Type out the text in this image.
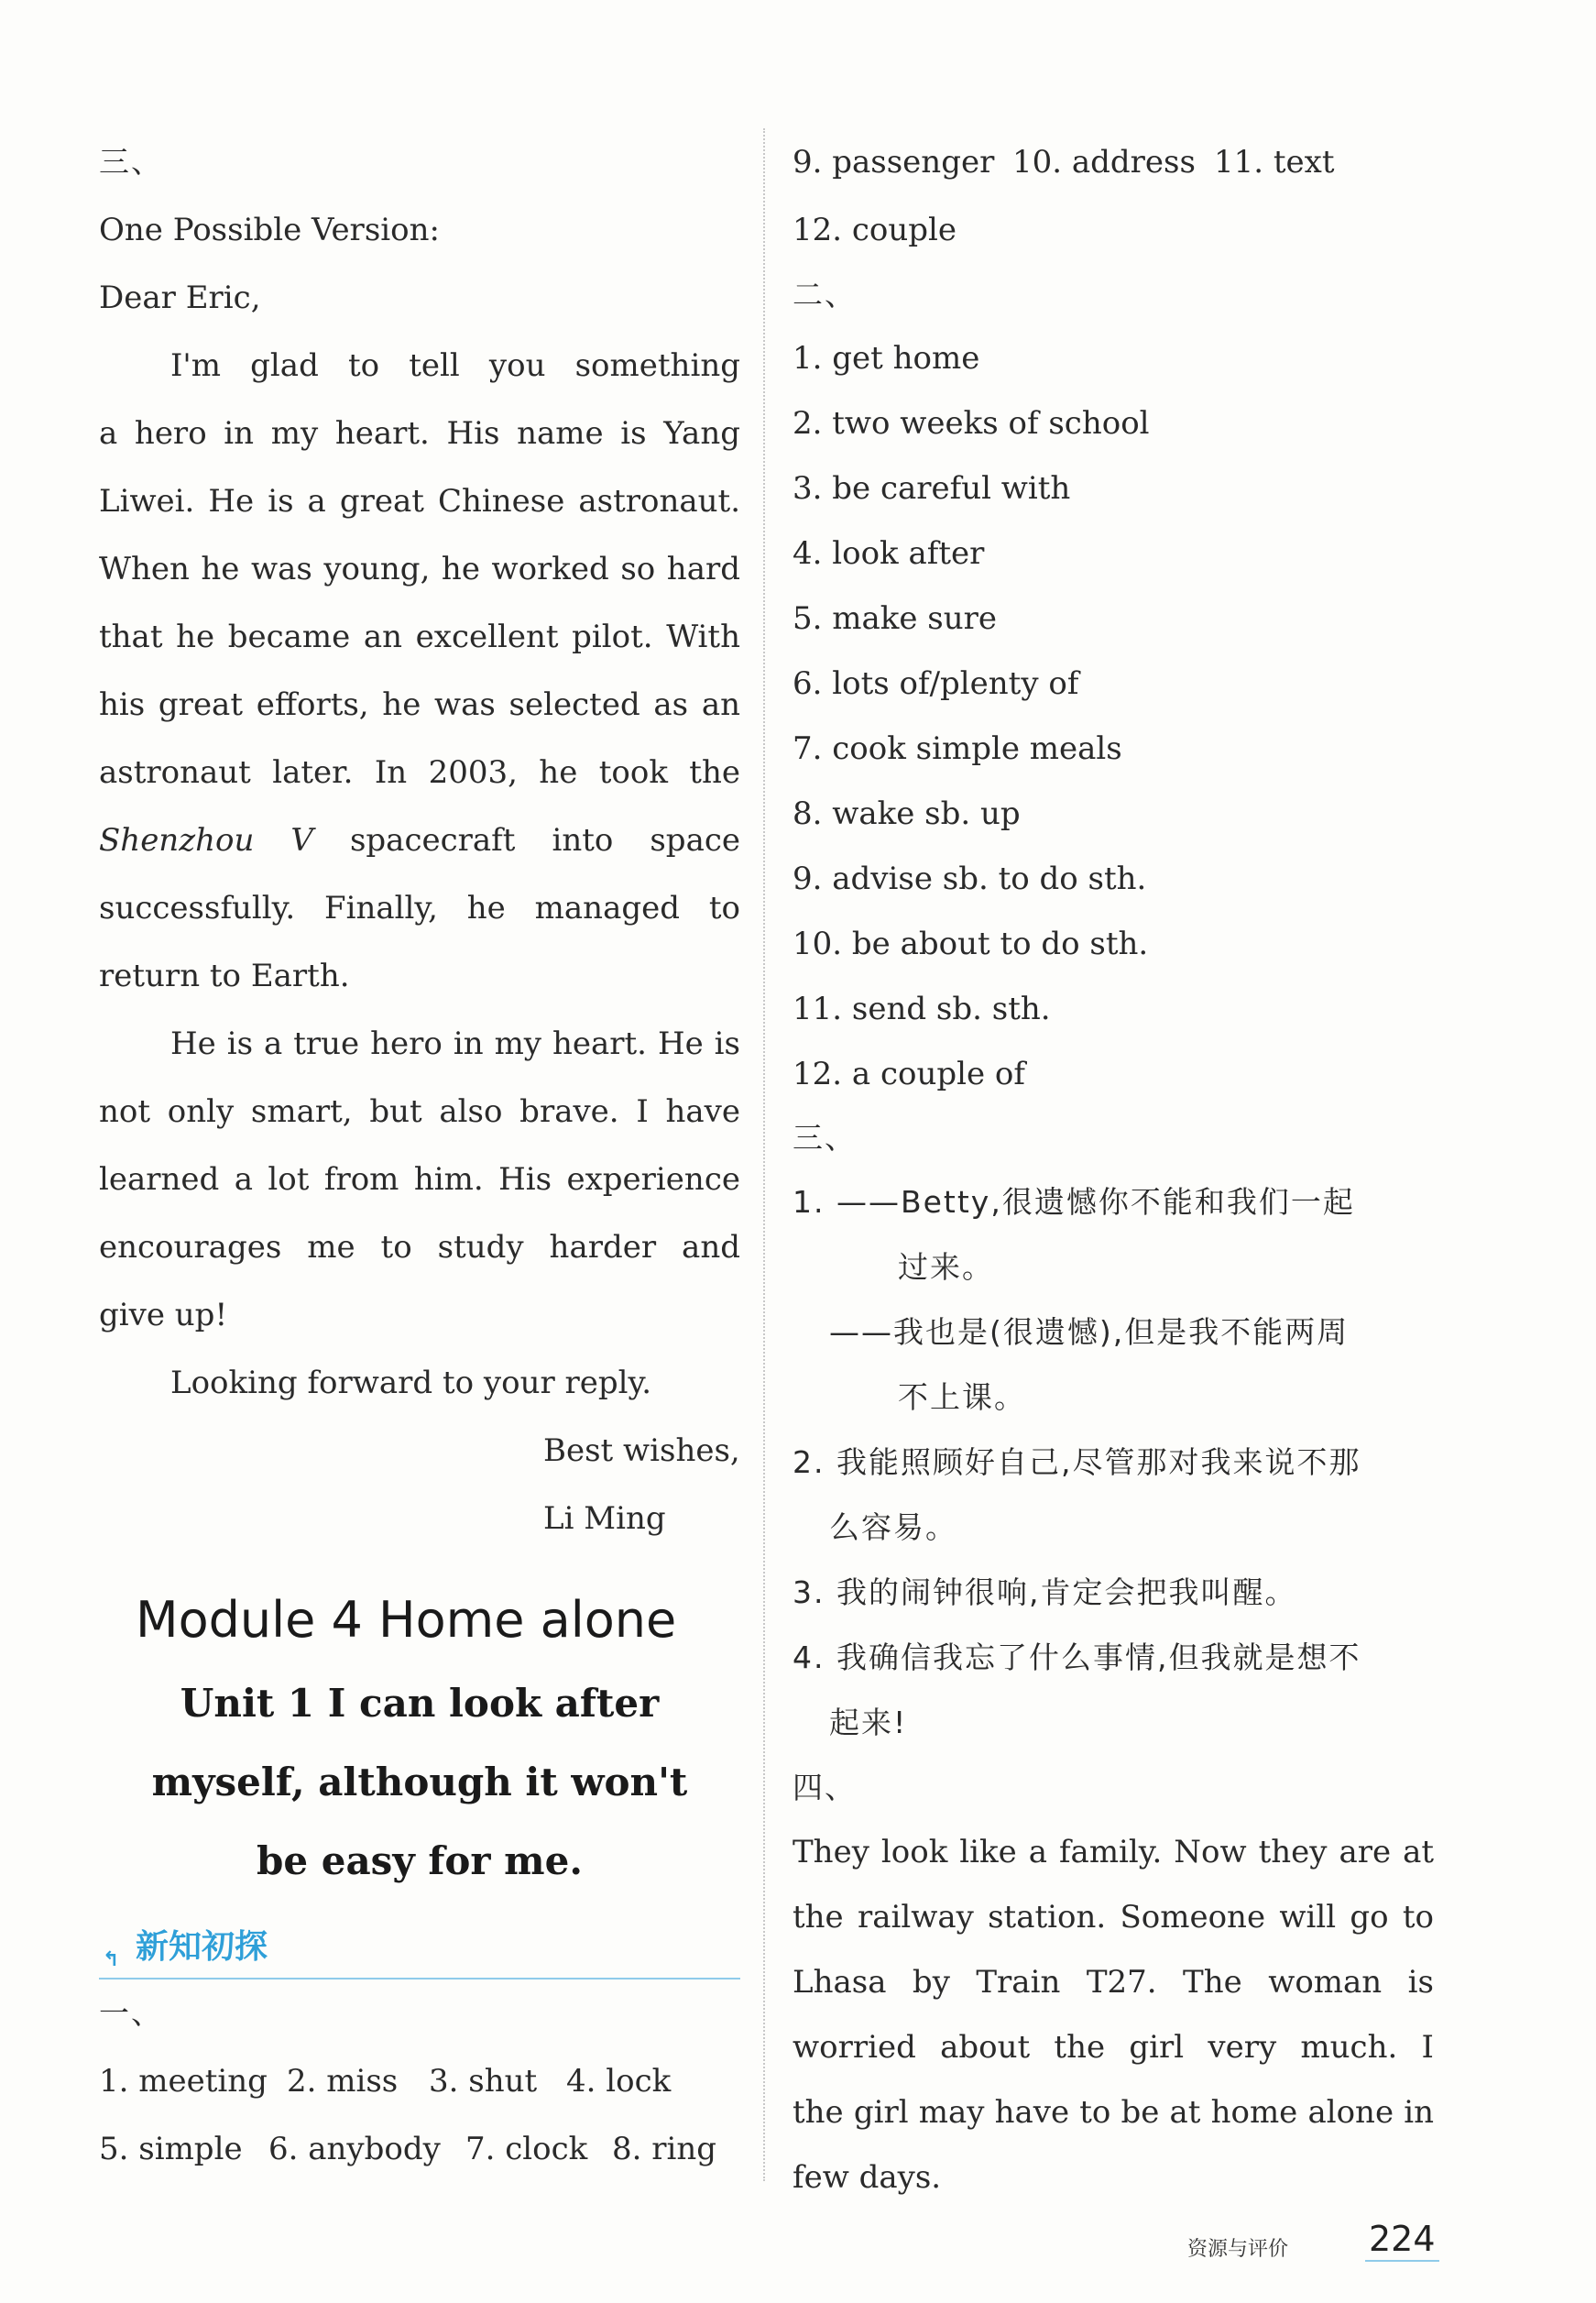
三、
One Possible Version:
Dear Eric,
I'm glad to tell you something
a hero in my heart. His name is Yang
Liwei. He is a great Chinese astronaut.
When he was young, he worked so hard
that he became an excellent pilot. With
his great efforts, he was selected as an
astronaut later. In 2003, he took the
Shenzhou V spacecraft into space
successfully. Finally, he managed to
return to Earth.
He is a true hero in my heart. He is
not only smart, but also brave. I have
learned a lot from him. His experience
encourages me to study harder and
give up!
Looking forward to your reply.
Best wishes,
Li Ming
Module 4 Home alone
Unit 1 I can look after
myself, although it won't
be easy for me.
↰ 新知初探
一、
1. meeting 2. miss 3. shut 4. lock
5. simple 6. anybody 7. clock 8. ring
9. passenger 10. address 11. text
12. couple
二、
1. get home
2. two weeks of school
3. be careful with
4. look after
5. make sure
6. lots of/plenty of
7. cook simple meals
8. wake sb. up
9. advise sb. to do sth.
10. be about to do sth.
11. send sb. sth.
12. a couple of
三、
1. ——Betty,很遗憾你不能和我们一起
过来。
——我也是(很遗憾),但是我不能两周
不上课。
2. 我能照顾好自己,尽管那对我来说不那
么容易。
3. 我的闹钟很响,肯定会把我叫醒。
4. 我确信我忘了什么事情,但我就是想不
起来!
四、
They look like a family. Now they are at
the railway station. Someone will go to
Lhasa by Train T27. The woman is
worried about the girl very much. I
the girl may have to be at home alone in
few days.
资源与评价 224
